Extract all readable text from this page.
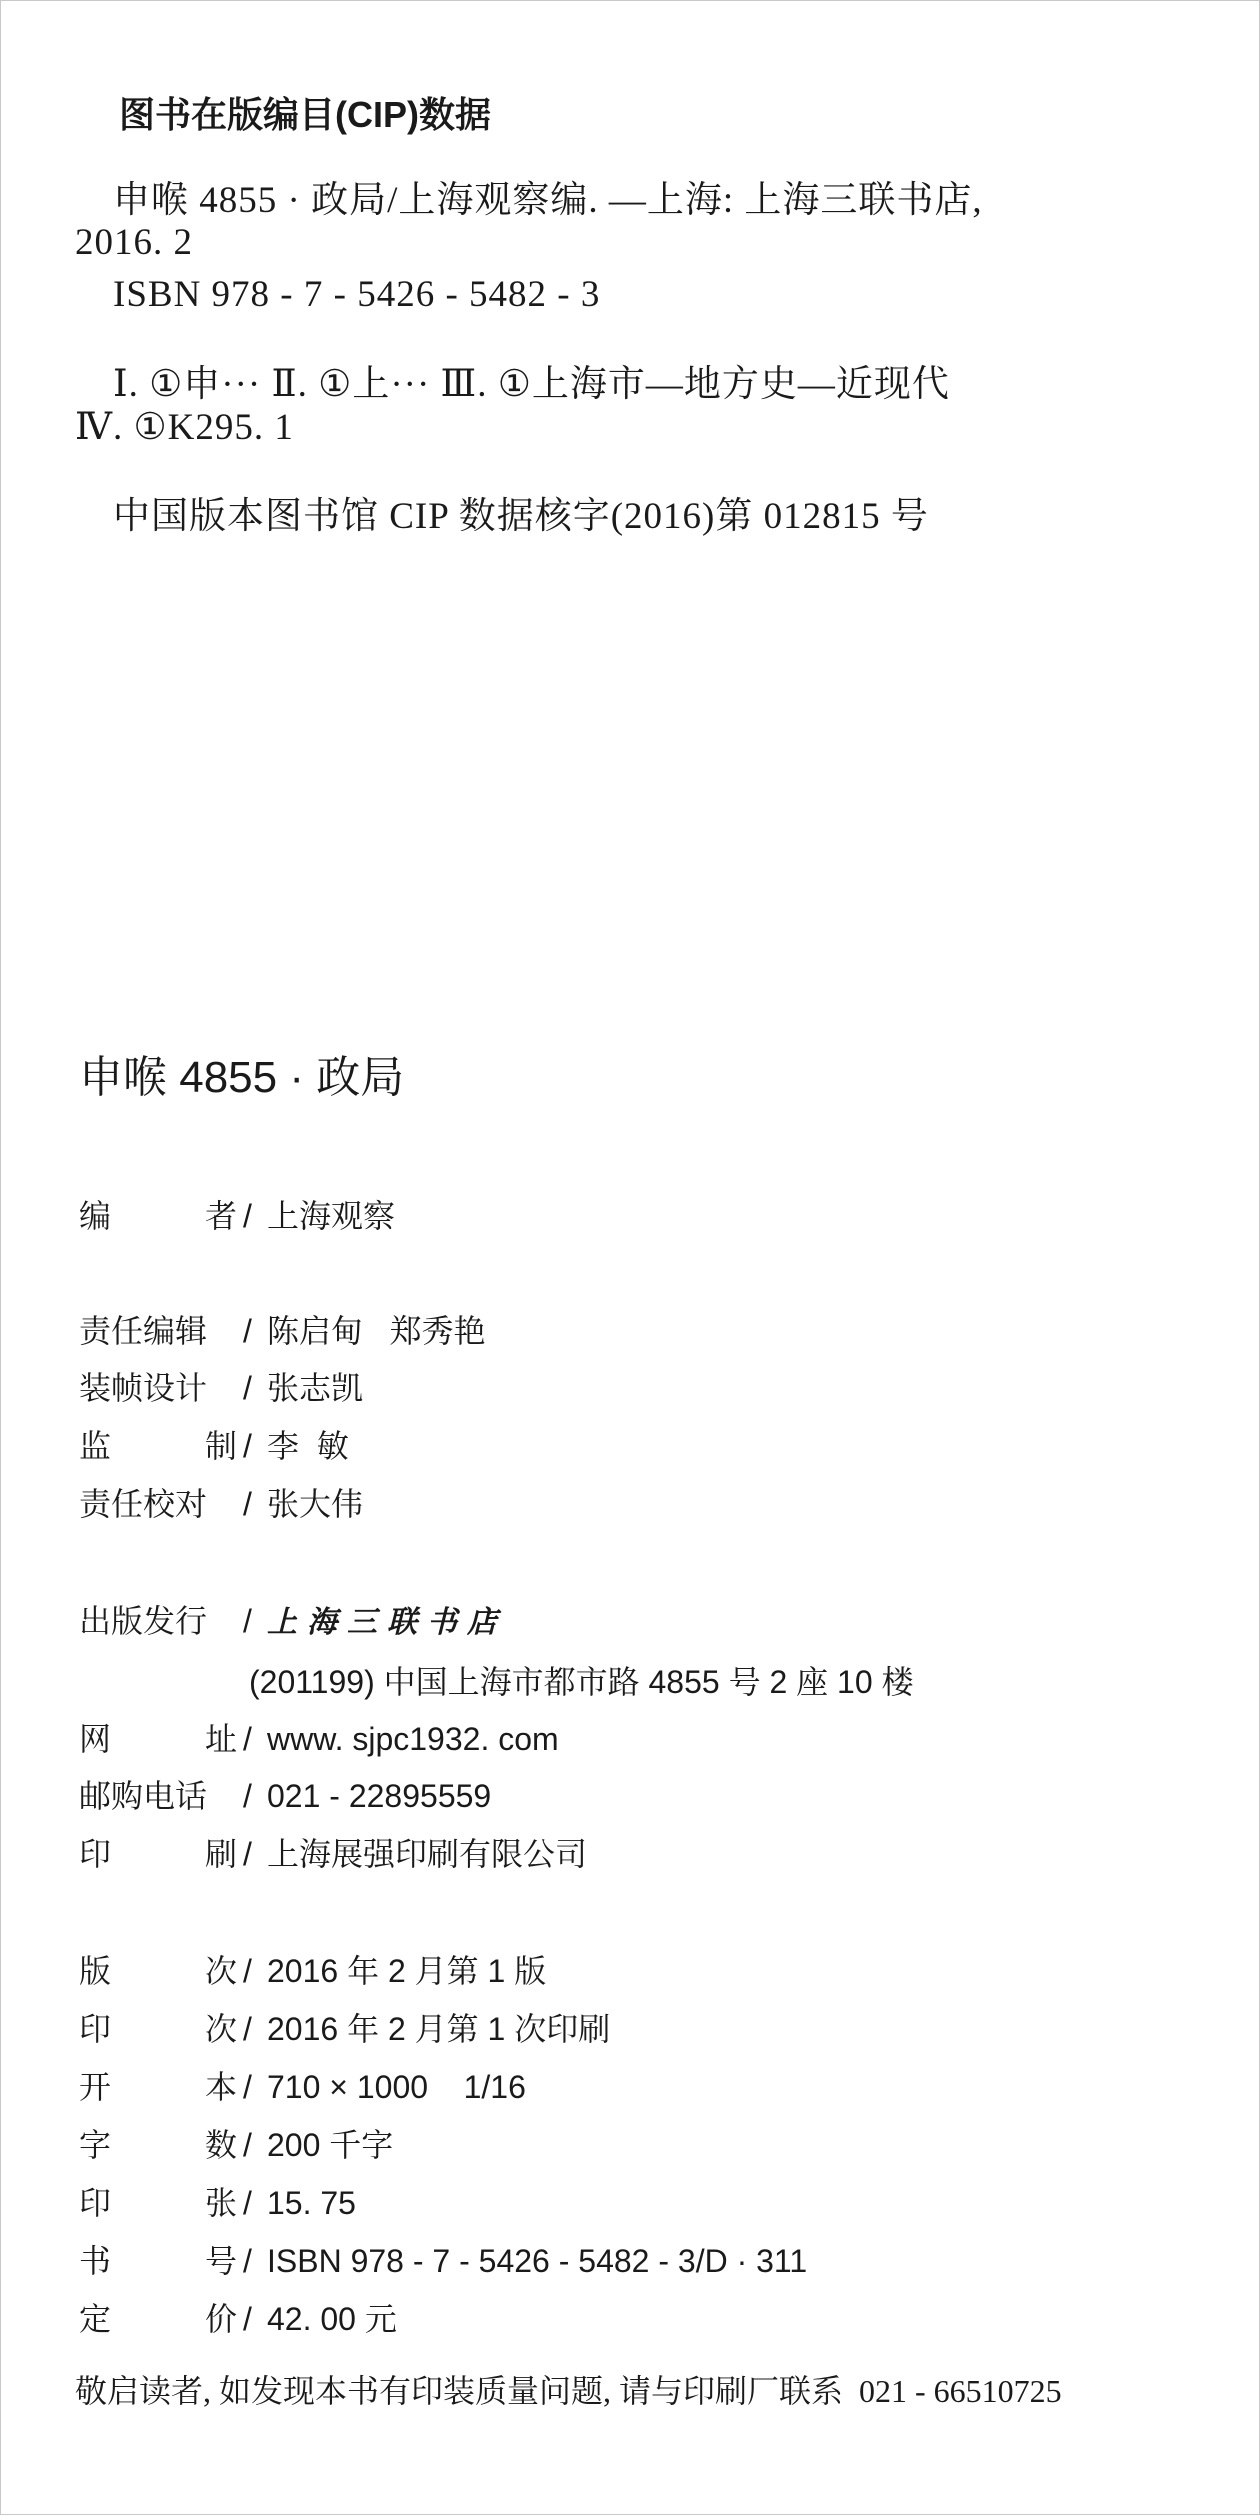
图书在版编目(CIP)数据
申喉 4855 · 政局/上海观察编. —上海: 上海三联书店,
2016. 2
ISBN 978 - 7 - 5426 - 5482 - 3
Ⅰ. ①申··· Ⅱ. ①上··· Ⅲ. ①上海市—地方史—近现代
Ⅳ. ①K295. 1
中国版本图书馆 CIP 数据核字(2016)第 012815 号
申喉 4855 · 政局
编	者 / 上海观察
责任编辑 / 陈启甸   郑秀艳
装帧设计 / 张志凯
监	制 / 李  敏
责任校对 / 张大伟
出版发行 / 上海三联书店
(201199) 中国上海市都市路 4855 号 2 座 10 楼
网	址 / www. sjpc1932. com
邮购电话 / 021 - 22895559
印	刷 / 上海展强印刷有限公司
版	次 / 2016 年 2 月第 1 版
印	次 / 2016 年 2 月第 1 次印刷
开	本 / 710 × 1000    1/16
字	数 / 200 千字
印	张 / 15. 75
书	号 / ISBN 978 - 7 - 5426 - 5482 - 3/D · 311
定	价 / 42. 00 元
敬启读者, 如发现本书有印装质量问题, 请与印刷厂联系  021 - 66510725
